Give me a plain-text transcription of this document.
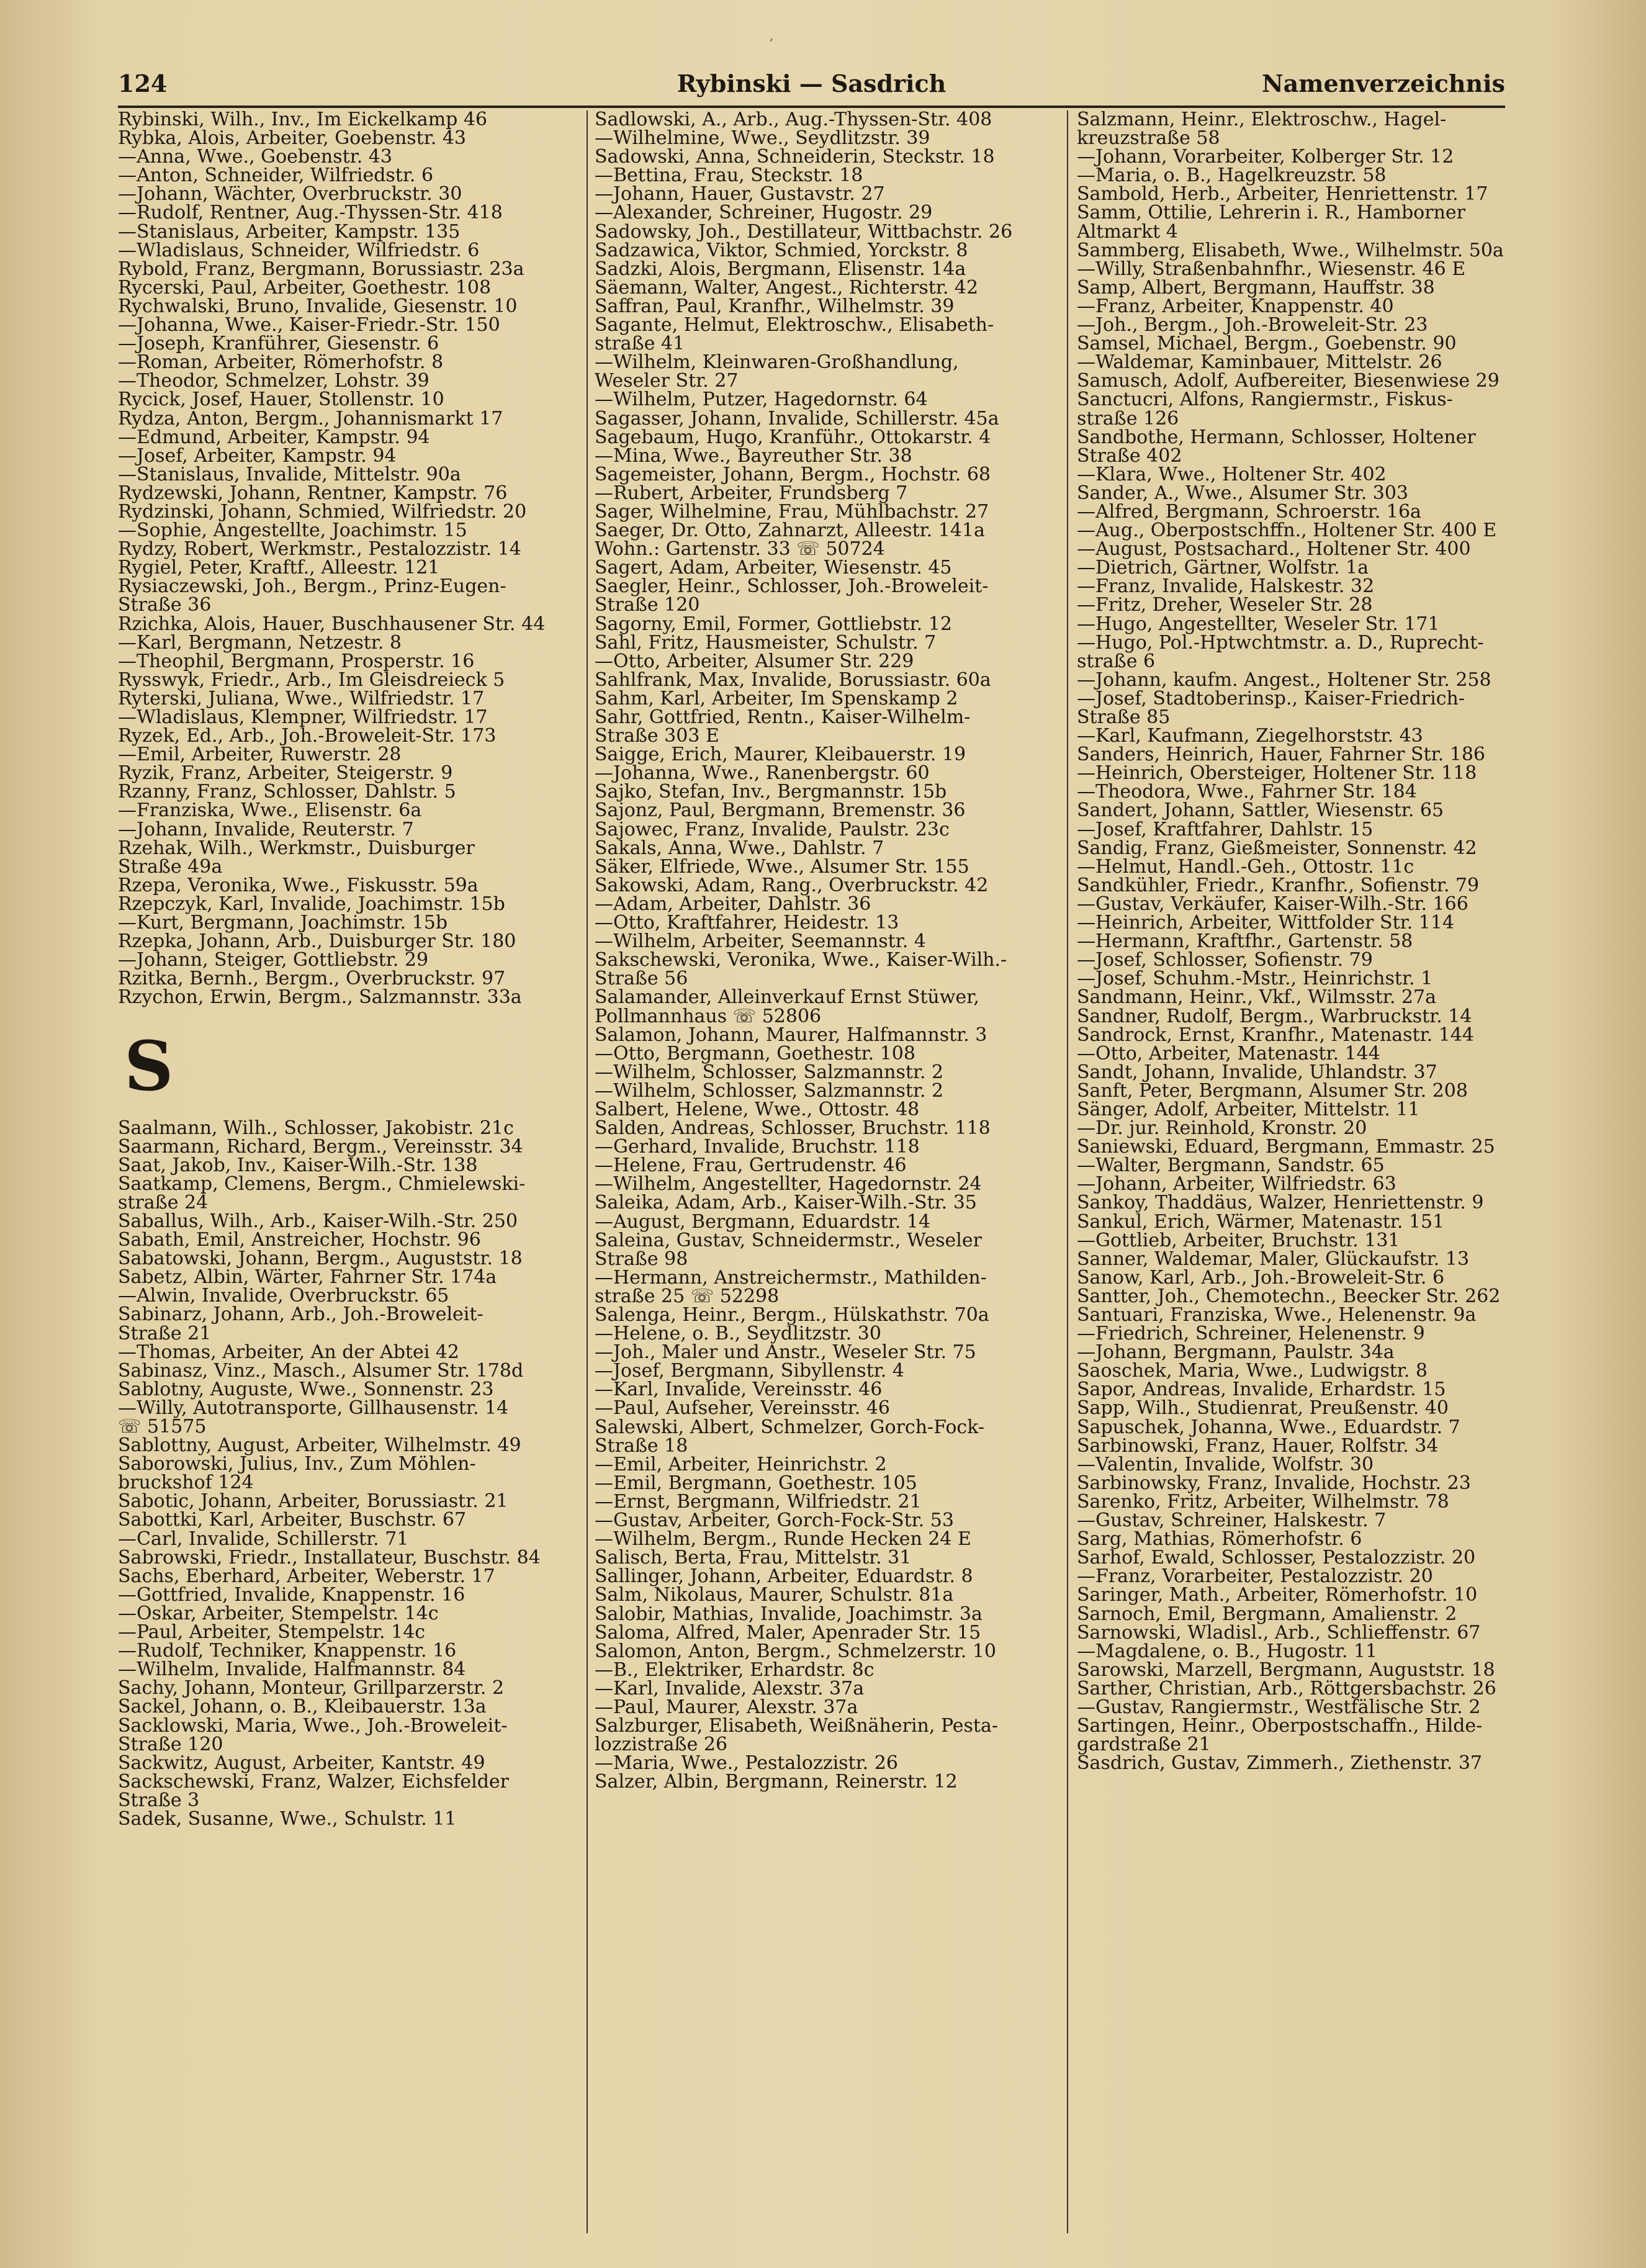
,
Rybinski — Sasdrich
124	Namenverzeichnis
Rybinski, Wilh., Inv., Im Eickelkamp 46
Rybka, Alois, Arbeiter, Goebenstr. 43
—Anna, Wwe., Goebenstr. 43
—Anton, Schneider, Wilfriedstr. 6
—Johann, Wächter, Overbruckstr. 30
—Rudolf, Rentner, Aug.-Thyssen-Str. 418
—Stanislaus, Arbeiter, Kampstr. 135
—Wladislaus, Schneider, Wilfriedstr. 6
Rybold, Franz, Bergmann, Borussiastr. 23a
Rycerski, Paul, Arbeiter, Goethestr. 108
Rychwalski, Bruno, Invalide, Giesenstr. 10
—Johanna, Wwe., Kaiser-Friedr.-Str. 150
—Joseph, Kranführer, Giesenstr. 6
—Roman, Arbeiter, Römerhofstr. 8
—Theodor, Schmelzer, Lohstr. 39
Rycick, Josef, Hauer, Stollenstr. 10
Rydza, Anton, Bergm., Johannismarkt 17
—Edmund, Arbeiter, Kampstr. 94
—Josef, Arbeiter, Kampstr. 94
—Stanislaus, Invalide, Mittelstr. 90a
Rydzewski, Johann, Rentner, Kampstr. 76
Rydzinski, Johann, Schmied, Wilfriedstr. 20
—Sophie, Angestellte, Joachimstr. 15
Rydzy, Robert, Werkmstr., Pestalozzistr. 14
Rygiel, Peter, Kraftf., Alleestr. 121
Rysiaczewski, Joh., Bergm., Prinz-Eugen-
Straße 36
Rzichka, Alois, Hauer, Buschhausener Str. 44
—Karl, Bergmann, Netzestr. 8
—Theophil, Bergmann, Prosperstr. 16
Rysswyk, Friedr., Arb., Im Gleisdreieck 5
Ryterski, Juliana, Wwe., Wilfriedstr. 17
—Wladislaus, Klempner, Wilfriedstr. 17
Ryzek, Ed., Arb., Joh.-Broweleit-Str. 173
—Emil, Arbeiter, Ruwerstr. 28
Ryzik, Franz, Arbeiter, Steigerstr. 9
Rzanny, Franz, Schlosser, Dahlstr. 5
—Franziska, Wwe., Elisenstr. 6a
—Johann, Invalide, Reuterstr. 7
Rzehak, Wilh., Werkmstr., Duisburger
Straße 49a
Rzepa, Veronika, Wwe., Fiskusstr. 59a
Rzepczyk, Karl, Invalide, Joachimstr. 15b
—Kurt, Bergmann, Joachimstr. 15b
Rzepka, Johann, Arb., Duisburger Str. 180
—Johann, Steiger, Gottliebstr. 29
Rzitka, Bernh., Bergm., Overbruckstr. 97
Rzychon, Erwin, Bergm., Salzmannstr. 33a
S
Saalmann, Wilh., Schlosser, Jakobistr. 21c
Saarmann, Richard, Bergm., Vereinsstr. 34
Saat, Jakob, Inv., Kaiser-Wilh.-Str. 138
Saatkamp, Clemens, Bergm., Chmielewski-
straße 24
Saballus, Wilh., Arb., Kaiser-Wilh.-Str. 250
Sabath, Emil, Anstreicher, Hochstr. 96
Sabatowski, Johann, Bergm., Auguststr. 18
Sabetz, Albin, Wärter, Fahrner Str. 174a
—Alwin, Invalide, Overbruckstr. 65
Sabinarz, Johann, Arb., Joh.-Broweleit-
Straße 21
—Thomas, Arbeiter, An der Abtei 42
Sabinasz, Vinz., Masch., Alsumer Str. 178d
Sablotny, Auguste, Wwe., Sonnenstr. 23
—Willy, Autotransporte, Gillhausenstr. 14
☏ 51575
Sablottny, August, Arbeiter, Wilhelmstr. 49
Saborowski, Julius, Inv., Zum Möhlen-
bruckshof 124
Sabotic, Johann, Arbeiter, Borussiastr. 21
Sabottki, Karl, Arbeiter, Buschstr. 67
—Carl, Invalide, Schillerstr. 71
Sabrowski, Friedr., Installateur, Buschstr. 84
Sachs, Eberhard, Arbeiter, Weberstr. 17
—Gottfried, Invalide, Knappenstr. 16
—Oskar, Arbeiter, Stempelstr. 14c
—Paul, Arbeiter, Stempelstr. 14c
—Rudolf, Techniker, Knappenstr. 16
—Wilhelm, Invalide, Halfmannstr. 84
Sachy, Johann, Monteur, Grillparzerstr. 2
Sackel, Johann, o. B., Kleibauerstr. 13a
Sacklowski, Maria, Wwe., Joh.-Broweleit-
Straße 120
Sackwitz, August, Arbeiter, Kantstr. 49
Sackschewski, Franz, Walzer, Eichsfelder
Straße 3
Sadek, Susanne, Wwe., Schulstr. 11
Sadlowski, A., Arb., Aug.-Thyssen-Str. 408
—Wilhelmine, Wwe., Seydlitzstr. 39
Sadowski, Anna, Schneiderin, Steckstr. 18
—Bettina, Frau, Steckstr. 18
—Johann, Hauer, Gustavstr. 27
—Alexander, Schreiner, Hugostr. 29
Sadowsky, Joh., Destillateur, Wittbachstr. 26
Sadzawica, Viktor, Schmied, Yorckstr. 8
Sadzki, Alois, Bergmann, Elisenstr. 14a
Säemann, Walter, Angest., Richterstr. 42
Saffran, Paul, Kranfhr., Wilhelmstr. 39
Sagante, Helmut, Elektroschw., Elisabeth-
straße 41
—Wilhelm, Kleinwaren-Großhandlung,
Weseler Str. 27
—Wilhelm, Putzer, Hagedornstr. 64
Sagasser, Johann, Invalide, Schillerstr. 45a
Sagebaum, Hugo, Kranführ., Ottokarstr. 4
—Mina, Wwe., Bayreuther Str. 38
Sagemeister, Johann, Bergm., Hochstr. 68
—Rubert, Arbeiter, Frundsberg 7
Sager, Wilhelmine, Frau, Mühlbachstr. 27
Saeger, Dr. Otto, Zahnarzt, Alleestr. 141a
Wohn.: Gartenstr. 33 ☏ 50724
Sagert, Adam, Arbeiter, Wiesenstr. 45
Saegler, Heinr., Schlosser, Joh.-Broweleit-
Straße 120
Sagorny, Emil, Former, Gottliebstr. 12
Sahl, Fritz, Hausmeister, Schulstr. 7
—Otto, Arbeiter, Alsumer Str. 229
Sahlfrank, Max, Invalide, Borussiastr. 60a
Sahm, Karl, Arbeiter, Im Spenskamp 2
Sahr, Gottfried, Rentn., Kaiser-Wilhelm-
Straße 303 E
Saigge, Erich, Maurer, Kleibauerstr. 19
—Johanna, Wwe., Ranenbergstr. 60
Sajko, Stefan, Inv., Bergmannstr. 15b
Sajonz, Paul, Bergmann, Bremenstr. 36
Sajowec, Franz, Invalide, Paulstr. 23c
Sakals, Anna, Wwe., Dahlstr. 7
Säker, Elfriede, Wwe., Alsumer Str. 155
Sakowski, Adam, Rang., Overbruckstr. 42
—Adam, Arbeiter, Dahlstr. 36
—Otto, Kraftfahrer, Heidestr. 13
—Wilhelm, Arbeiter, Seemannstr. 4
Sakschewski, Veronika, Wwe., Kaiser-Wilh.-
Straße 56
Salamander, Alleinverkauf Ernst Stüwer,
Pollmannhaus ☏ 52806
Salamon, Johann, Maurer, Halfmannstr. 3
—Otto, Bergmann, Goethestr. 108
—Wilhelm, Schlosser, Salzmannstr. 2
—Wilhelm, Schlosser, Salzmannstr. 2
Salbert, Helene, Wwe., Ottostr. 48
Salden, Andreas, Schlosser, Bruchstr. 118
—Gerhard, Invalide, Bruchstr. 118
—Helene, Frau, Gertrudenstr. 46
—Wilhelm, Angestellter, Hagedornstr. 24
Saleika, Adam, Arb., Kaiser-Wilh.-Str. 35
—August, Bergmann, Eduardstr. 14
Saleina, Gustav, Schneidermstr., Weseler
Straße 98
—Hermann, Anstreichermstr., Mathilden-
straße 25 ☏ 52298
Salenga, Heinr., Bergm., Hülskathstr. 70a
—Helene, o. B., Seydlitzstr. 30
—Joh., Maler und Anstr., Weseler Str. 75
—Josef, Bergmann, Sibyllenstr. 4
—Karl, Invalide, Vereinsstr. 46
—Paul, Aufseher, Vereinsstr. 46
Salewski, Albert, Schmelzer, Gorch-Fock-
Straße 18
—Emil, Arbeiter, Heinrichstr. 2
—Emil, Bergmann, Goethestr. 105
—Ernst, Bergmann, Wilfriedstr. 21
—Gustav, Arbeiter, Gorch-Fock-Str. 53
—Wilhelm, Bergm., Runde Hecken 24 E
Salisch, Berta, Frau, Mittelstr. 31
Sallinger, Johann, Arbeiter, Eduardstr. 8
Salm, Nikolaus, Maurer, Schulstr. 81a
Salobir, Mathias, Invalide, Joachimstr. 3a
Saloma, Alfred, Maler, Apenrader Str. 15
Salomon, Anton, Bergm., Schmelzerstr. 10
—B., Elektriker, Erhardstr. 8c
—Karl, Invalide, Alexstr. 37a
—Paul, Maurer, Alexstr. 37a
Salzburger, Elisabeth, Weißnäherin, Pesta-
lozzistraße 26
—Maria, Wwe., Pestalozzistr. 26
Salzer, Albin, Bergmann, Reinerstr. 12
Salzmann, Heinr., Elektroschw., Hagel-
kreuzstraße 58
—Johann, Vorarbeiter, Kolberger Str. 12
—Maria, o. B., Hagelkreuzstr. 58
Sambold, Herb., Arbeiter, Henriettenstr. 17
Samm, Ottilie, Lehrerin i. R., Hamborner
Altmarkt 4
Sammberg, Elisabeth, Wwe., Wilhelmstr. 50a
—Willy, Straßenbahnfhr., Wiesenstr. 46 E
Samp, Albert, Bergmann, Hauffstr. 38
—Franz, Arbeiter, Knappenstr. 40
—Joh., Bergm., Joh.-Broweleit-Str. 23
Samsel, Michael, Bergm., Goebenstr. 90
—Waldemar, Kaminbauer, Mittelstr. 26
Samusch, Adolf, Aufbereiter, Biesenwiese 29
Sanctucri, Alfons, Rangiermstr., Fiskus-
straße 126
Sandbothe, Hermann, Schlosser, Holtener
Straße 402
—Klara, Wwe., Holtener Str. 402
Sander, A., Wwe., Alsumer Str. 303
—Alfred, Bergmann, Schroerstr. 16a
—Aug., Oberpostschffn., Holtener Str. 400 E
—August, Postsachard., Holtener Str. 400
—Dietrich, Gärtner, Wolfstr. 1a
—Franz, Invalide, Halskestr. 32
—Fritz, Dreher, Weseler Str. 28
—Hugo, Angestellter, Weseler Str. 171
—Hugo, Pol.-Hptwchtmstr. a. D., Ruprecht-
straße 6
—Johann, kaufm. Angest., Holtener Str. 258
—Josef, Stadtoberinsp., Kaiser-Friedrich-
Straße 85
—Karl, Kaufmann, Ziegelhorststr. 43
Sanders, Heinrich, Hauer, Fahrner Str. 186
—Heinrich, Obersteiger, Holtener Str. 118
—Theodora, Wwe., Fahrner Str. 184
Sandert, Johann, Sattler, Wiesenstr. 65
—Josef, Kraftfahrer, Dahlstr. 15
Sandig, Franz, Gießmeister, Sonnenstr. 42
—Helmut, Handl.-Geh., Ottostr. 11c
Sandkühler, Friedr., Kranfhr., Sofienstr. 79
—Gustav, Verkäufer, Kaiser-Wilh.-Str. 166
—Heinrich, Arbeiter, Wittfolder Str. 114
—Hermann, Kraftfhr., Gartenstr. 58
—Josef, Schlosser, Sofienstr. 79
—Josef, Schuhm.-Mstr., Heinrichstr. 1
Sandmann, Heinr., Vkf., Wilmsstr. 27a
Sandner, Rudolf, Bergm., Warbruckstr. 14
Sandrock, Ernst, Kranfhr., Matenastr. 144
—Otto, Arbeiter, Matenastr. 144
Sandt, Johann, Invalide, Uhlandstr. 37
Sanft, Peter, Bergmann, Alsumer Str. 208
Sänger, Adolf, Arbeiter, Mittelstr. 11
—Dr. jur. Reinhold, Kronstr. 20
Saniewski, Eduard, Bergmann, Emmastr. 25
—Walter, Bergmann, Sandstr. 65
—Johann, Arbeiter, Wilfriedstr. 63
Sankoy, Thaddäus, Walzer, Henriettenstr. 9
Sankul, Erich, Wärmer, Matenastr. 151
—Gottlieb, Arbeiter, Bruchstr. 131
Sanner, Waldemar, Maler, Glückaufstr. 13
Sanow, Karl, Arb., Joh.-Broweleit-Str. 6
Santter, Joh., Chemotechn., Beecker Str. 262
Santuari, Franziska, Wwe., Helenenstr. 9a
—Friedrich, Schreiner, Helenenstr. 9
—Johann, Bergmann, Paulstr. 34a
Saoschek, Maria, Wwe., Ludwigstr. 8
Sapor, Andreas, Invalide, Erhardstr. 15
Sapp, Wilh., Studienrat, Preußenstr. 40
Sapuschek, Johanna, Wwe., Eduardstr. 7
Sarbinowski, Franz, Hauer, Rolfstr. 34
—Valentin, Invalide, Wolfstr. 30
Sarbinowsky, Franz, Invalide, Hochstr. 23
Sarenko, Fritz, Arbeiter, Wilhelmstr. 78
—Gustav, Schreiner, Halskestr. 7
Sarg, Mathias, Römerhofstr. 6
Sarhof, Ewald, Schlosser, Pestalozzistr. 20
—Franz, Vorarbeiter, Pestalozzistr. 20
Saringer, Math., Arbeiter, Römerhofstr. 10
Sarnoch, Emil, Bergmann, Amalienstr. 2
Sarnowski, Wladisl., Arb., Schlieffenstr. 67
—Magdalene, o. B., Hugostr. 11
Sarowski, Marzell, Bergmann, Auguststr. 18
Sarther, Christian, Arb., Röttgersbachstr. 26
—Gustav, Rangiermstr., Westfälische Str. 2
Sartingen, Heinr., Oberpostschaffn., Hilde-
gardstraße 21
Sasdrich, Gustav, Zimmerh., Ziethenstr. 37
